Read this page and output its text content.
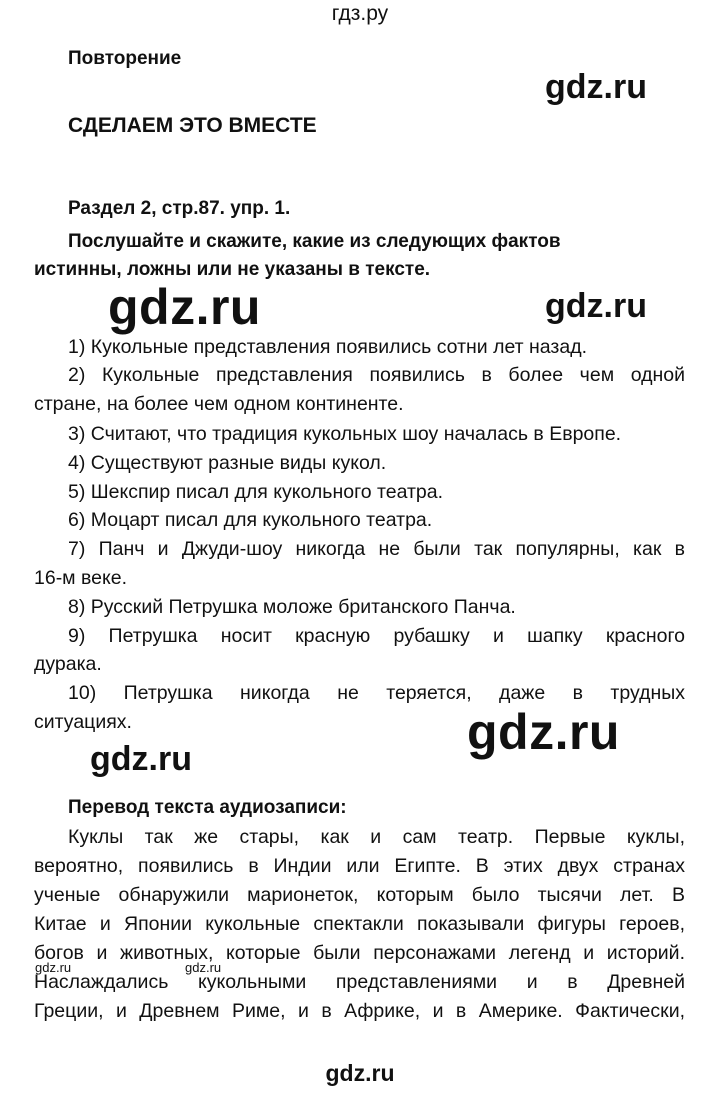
гдз.ру
Повторение
gdz.ru
СДЕЛАЕМ ЭТО ВМЕСТЕ
Раздел 2, стр.87. упр. 1.
Послушайте и скажите, какие из следующих фактов
истинны, ложны или не указаны в тексте.
gdz.ru	gdz.ru
1) Кукольные представления появились сотни лет назад.
2) Кукольные представления появились в более чем одной
стране, на более чем одном континенте.
3) Считают, что традиция кукольных шоу началась в Европе.
4) Существуют разные виды кукол.
5) Шекспир писал для кукольного театра.
6) Моцарт писал для кукольного театра.
7) Панч и Джуди-шоу никогда не были так популярны, как в
16-м веке.
8) Русский Петрушка моложе британского Панча.
9) Петрушка носит красную рубашку и шапку красного
дурака.
10) Петрушка никогда не теряется, даже в трудных
ситуациях.	gdz.ru
gdz.ru
Перевод текста аудиозаписи:
Куклы так же стары, как и сам театр. Первые куклы,
вероятно, появились в Индии или Египте. В этих двух странах
ученые обнаружили марионеток, которым было тысячи лет. В
Китае и Японии кукольные спектакли показывали фигуры героев,
богов и животных, которые были персонажами легенд и историй.
gdz.ru	gdz.ru
Наслаждались кукольными представлениями и в Древней
Греции, и Древнем Риме, и в Африке, и в Америке. Фактически,
gdz.ru
